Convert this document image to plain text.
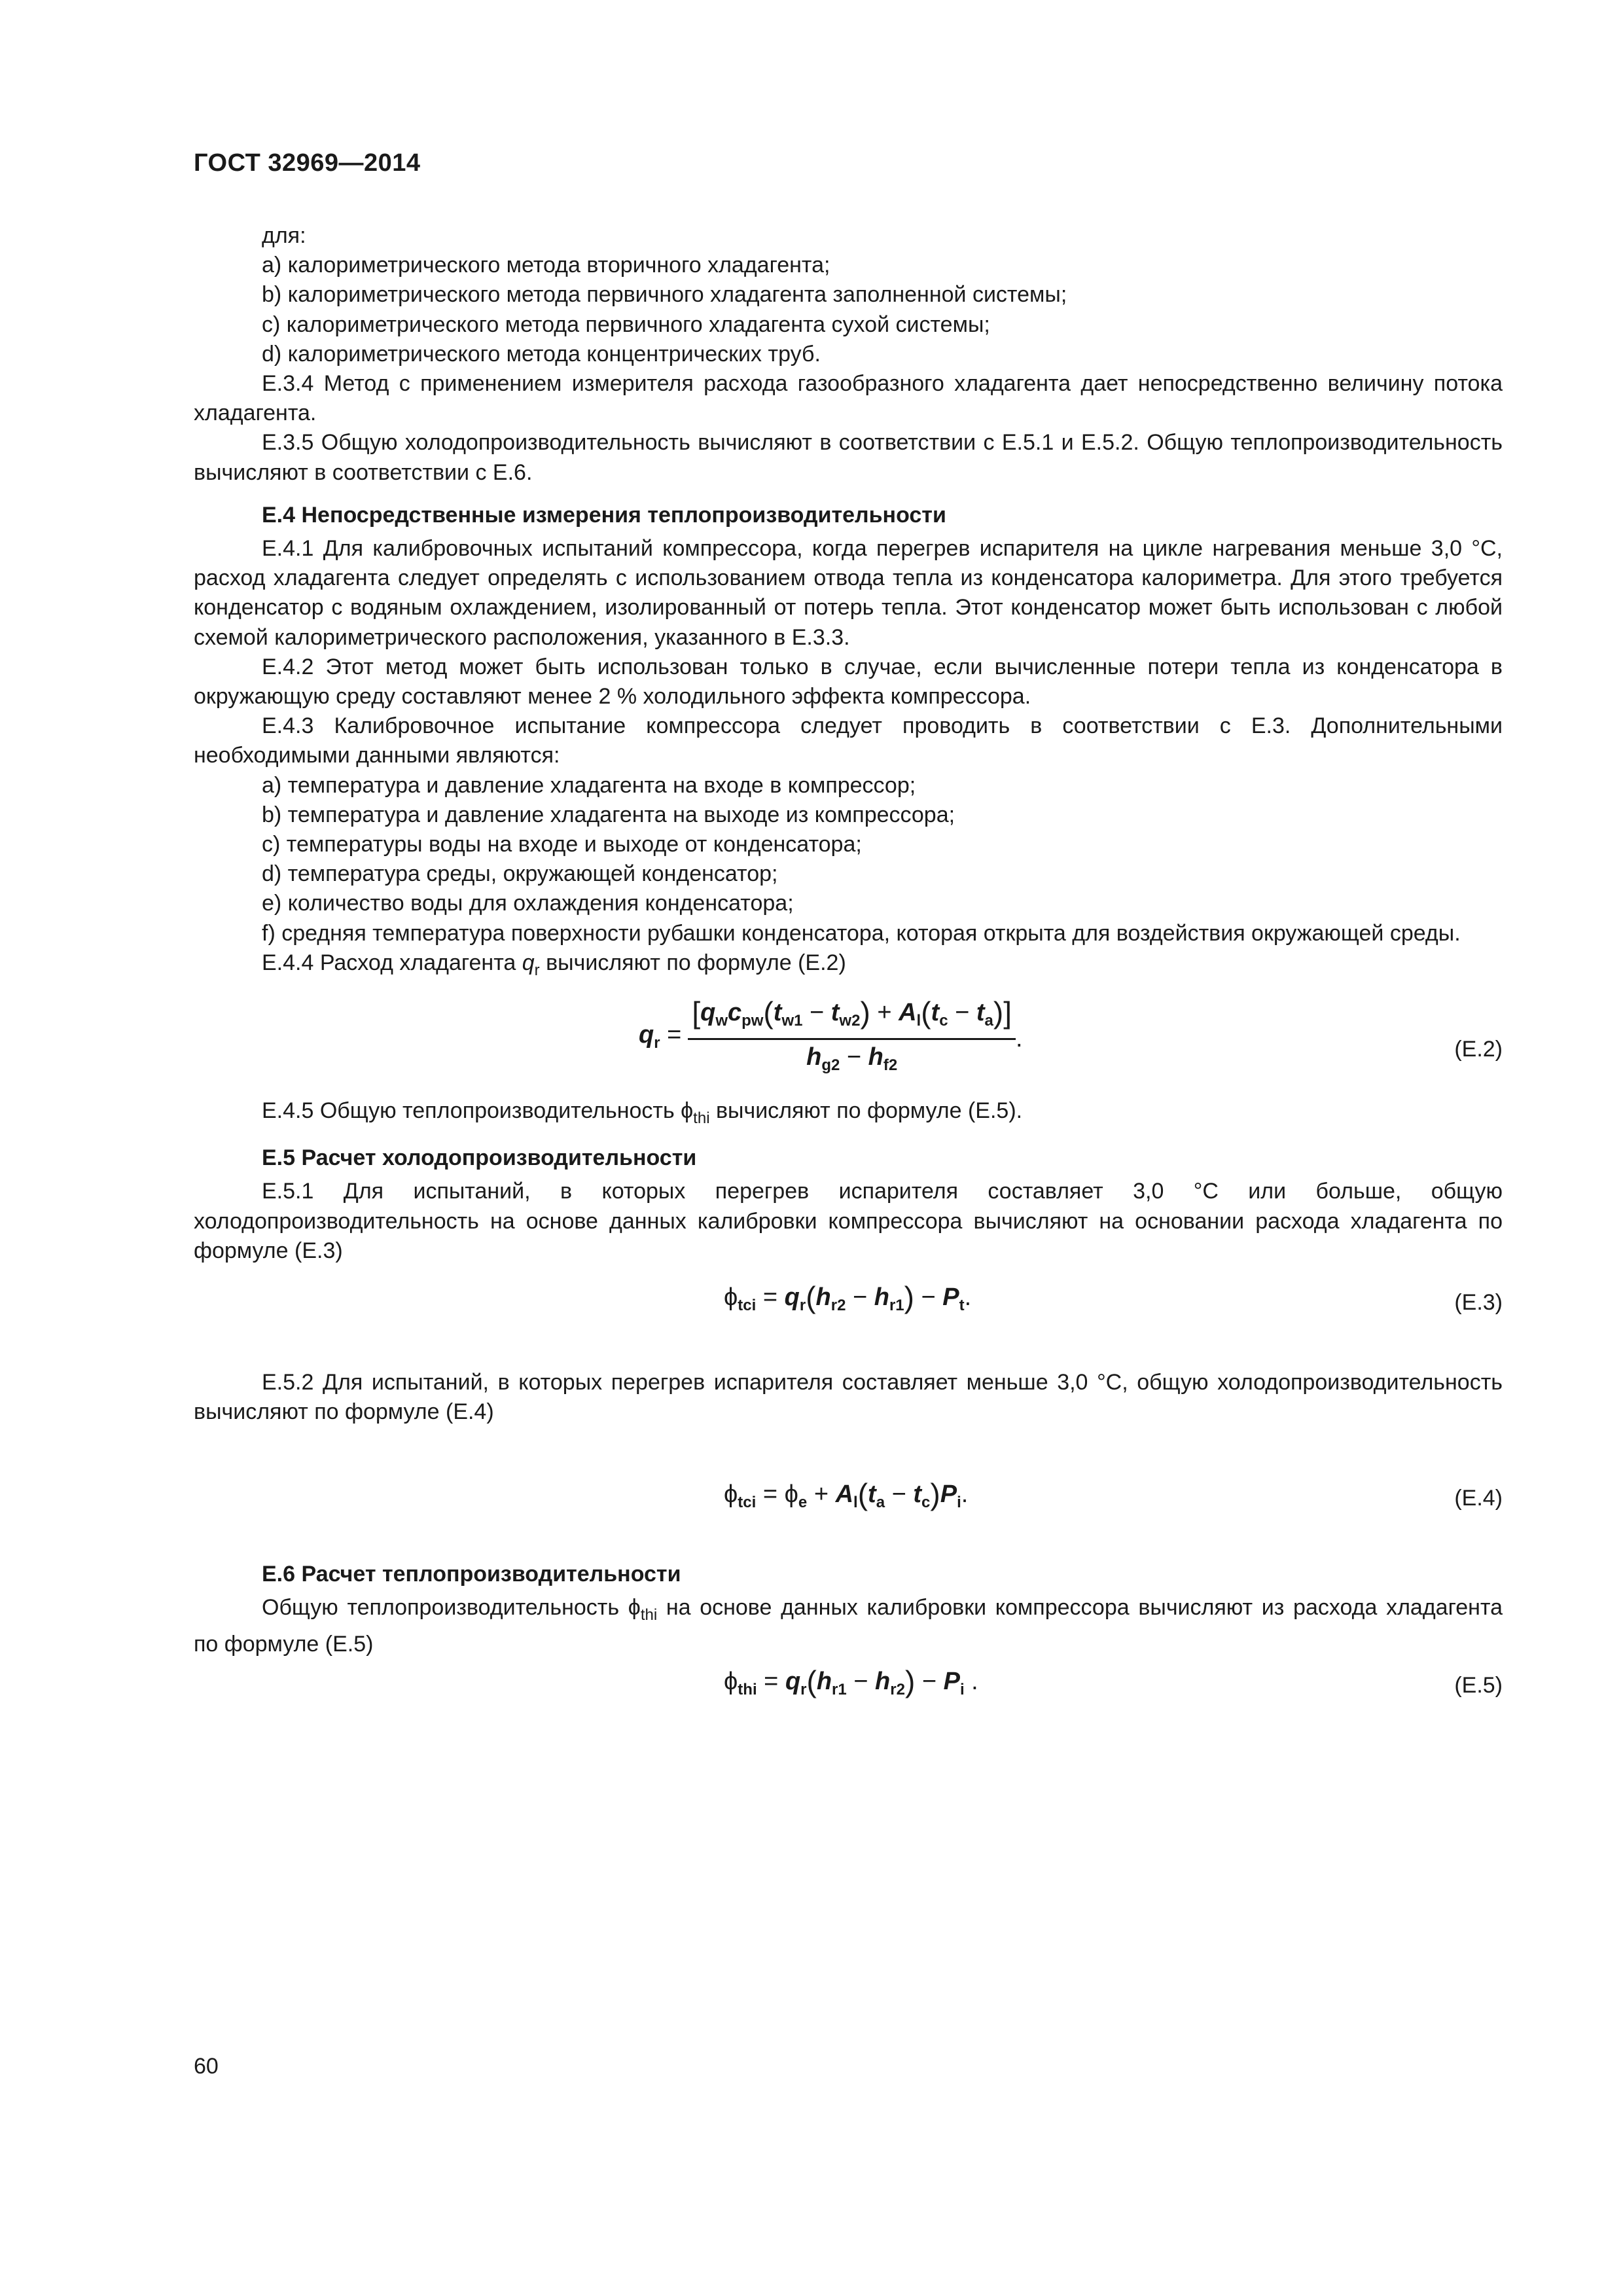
ГОСТ 32969—2014

для:

а) калориметрического метода вторичного хладагента;

b) калориметрического метода первичного хладагента заполненной системы;

c) калориметрического метода первичного хладагента сухой системы;

d) калориметрического метода концентрических труб.

Е.3.4 Метод с применением измерителя расхода газообразного хладагента дает непосредственно величину потока хладагента.

Е.3.5 Общую холодопроизводительность вычисляют в соответствии с Е.5.1 и Е.5.2. Общую теплопроизводительность вычисляют в соответствии с Е.6.

Е.4 Непосредственные измерения теплопроизводительности

Е.4.1 Для калибровочных испытаний компрессора, когда перегрев испарителя на цикле нагревания меньше 3,0 °С, расход хладагента следует определять с использованием отвода тепла из конденсатора калориметра. Для этого требуется конденсатор с водяным охлаждением, изолированный от потерь тепла. Этот конденсатор может быть использован с любой схемой калориметрического расположения, указанного в Е.3.3.

Е.4.2 Этот метод может быть использован только в случае, если вычисленные потери тепла из конденсатора в окружающую среду составляют менее 2 % холодильного эффекта компрессора.

Е.4.3 Калибровочное испытание компрессора следует проводить в соответствии с Е.3. Дополнительными необходимыми данными являются:

а) температура и давление хладагента на входе в компрессор;

b) температура и давление хладагента на выходе из компрессора;

c) температуры воды на входе и выходе от конденсатора;

d) температура среды, окружающей конденсатор;

e) количество воды для охлаждения конденсатора;

f) средняя температура поверхности рубашки конденсатора, которая открыта для воздействия окружающей среды.

Е.4.4 Расход хладагента $q_r$ вычисляют по формуле (Е.2)

$q_r = \frac{[q_wc_{pw}(t_{w1} - t_{w2}) + A_l(t_c - t_a)]}{h_{g2} - h_{f2}}$ .	(Е.2)

Е.4.5 Общую теплопроизводительность $\phi_{thi}$ вычисляют по формуле (Е.5).

Е.5 Расчет холодопроизводительности

Е.5.1 Для испытаний, в которых перегрев испарителя составляет 3,0 °С или больше, общую холодопроизводительность на основе данных калибровки компрессора вычисляют на основании расхода хладагента по формуле (Е.3)

$\phi_{tci} = q_r(h_{r2} - h_{r1}) - P_t$.	(Е.3)

Е.5.2 Для испытаний, в которых перегрев испарителя составляет меньше 3,0 °С, общую холодопроизводительность вычисляют по формуле (Е.4)

$\phi_{tci} = \phi_e + A_l(t_a - t_c)P_i$.	(Е.4)

Е.6 Расчет теплопроизводительности

Общую теплопроизводительность $\phi_{thi}$ на основе данных калибровки компрессора вычисляют из расхода хладагента по формуле (Е.5)

$\phi_{thi} = q_r(h_{r1} - h_{r2}) - P_i$ .	(Е.5)
60
